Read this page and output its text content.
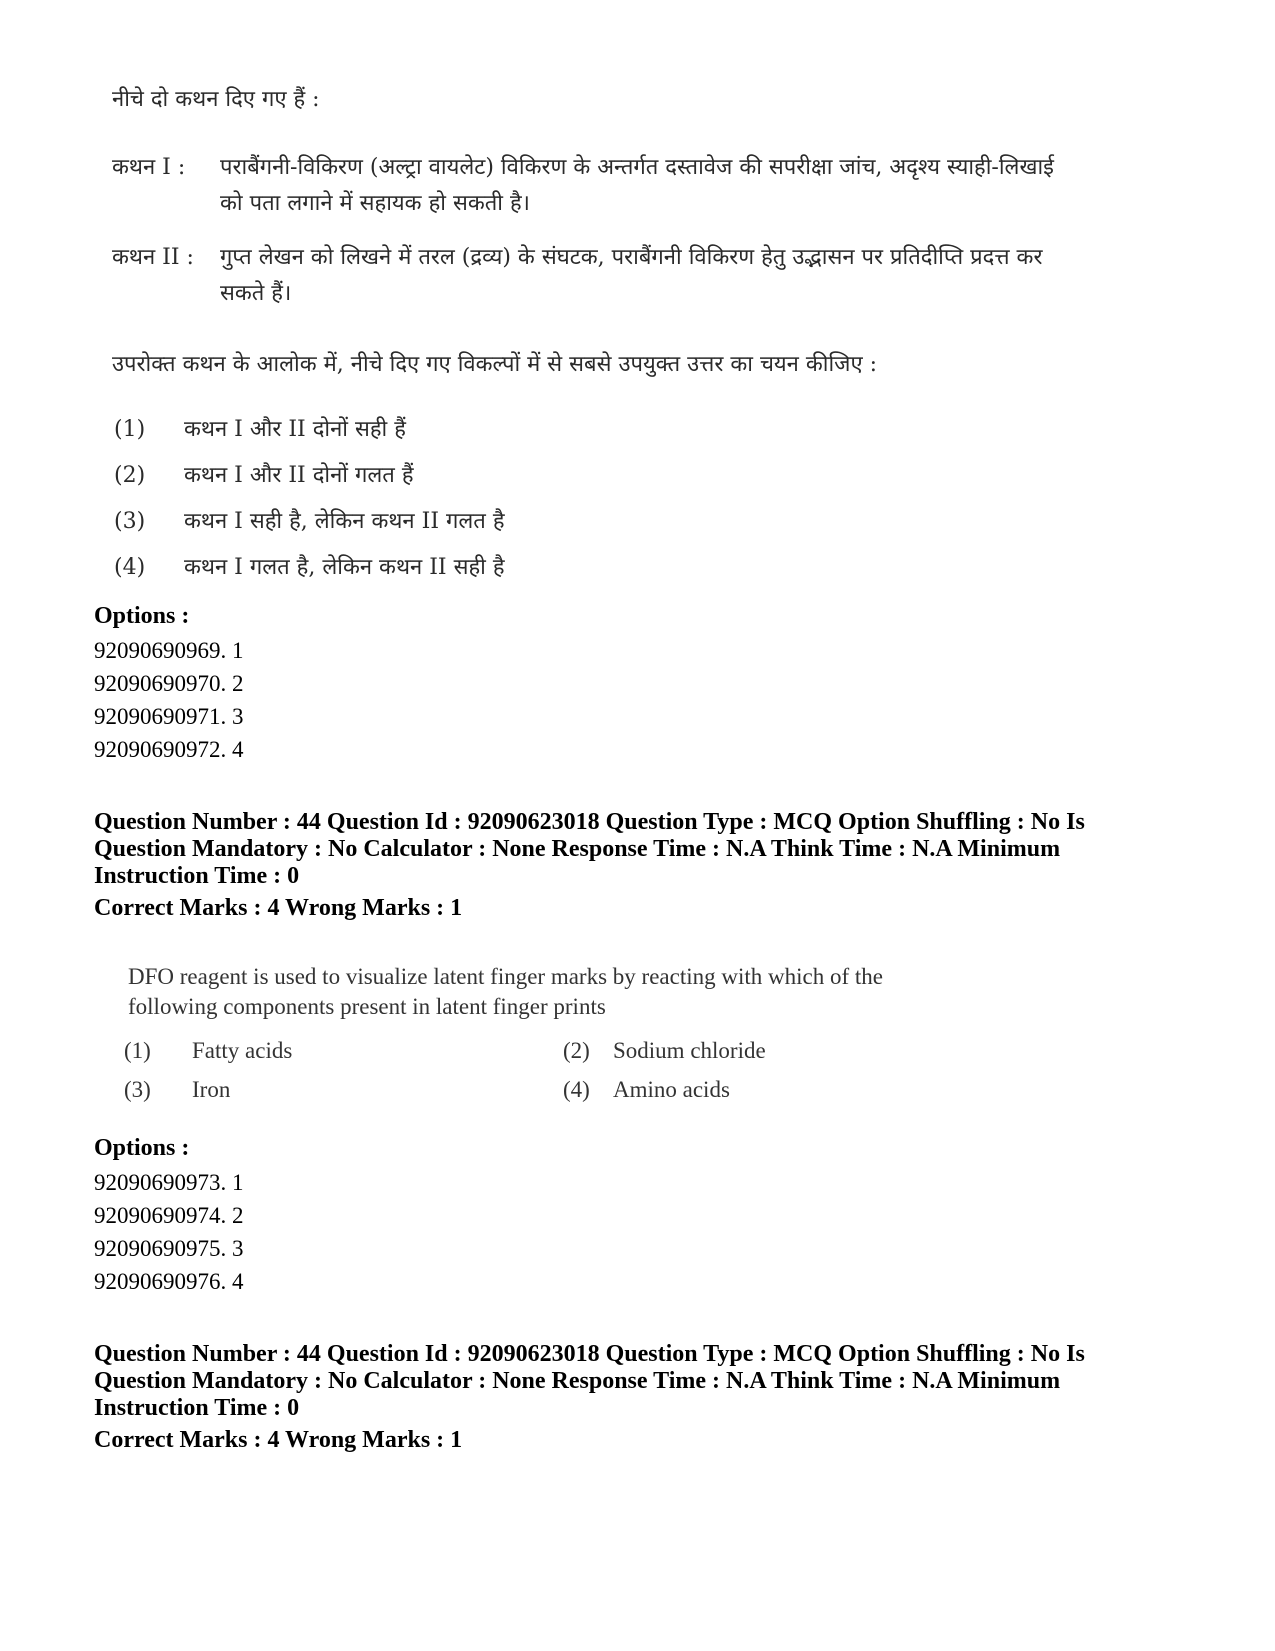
नीचे दो कथन दिए गए हैं :
कथन I :	पराबैंगनी-विकिरण (अल्ट्रा वायलेट) विकिरण के अन्तर्गत दस्तावेज की सपरीक्षा जांच, अदृश्य स्याही-लिखाई को पता लगाने में सहायक हो सकती है।
कथन II :	गुप्त लेखन को लिखने में तरल (द्रव्य) के संघटक, पराबैंगनी विकिरण हेतु उद्भासन पर प्रतिदीप्ति प्रदत्त कर सकते हैं।
उपरोक्त कथन के आलोक में, नीचे दिए गए विकल्पों में से सबसे उपयुक्त उत्तर का चयन कीजिए :
(1)	कथन I और II दोनों सही हैं
(2)	कथन I और II दोनों गलत हैं
(3)	कथन I सही है, लेकिन कथन II गलत है
(4)	कथन I गलत है, लेकिन कथन II सही है
Options :
92090690969. 1
92090690970. 2
92090690971. 3
92090690972. 4
Question Number : 44 Question Id : 92090623018 Question Type : MCQ Option Shuffling : No Is
Question Mandatory : No Calculator : None Response Time : N.A Think Time : N.A Minimum
Instruction Time : 0
Correct Marks : 4 Wrong Marks : 1
DFO reagent is used to visualize latent finger marks by reacting with which of the
following components present in latent finger prints
(1)	Fatty acids	(2)	Sodium chloride
(3)	Iron	(4)	Amino acids
Options :
92090690973. 1
92090690974. 2
92090690975. 3
92090690976. 4
Question Number : 44 Question Id : 92090623018 Question Type : MCQ Option Shuffling : No Is
Question Mandatory : No Calculator : None Response Time : N.A Think Time : N.A Minimum
Instruction Time : 0
Correct Marks : 4 Wrong Marks : 1
